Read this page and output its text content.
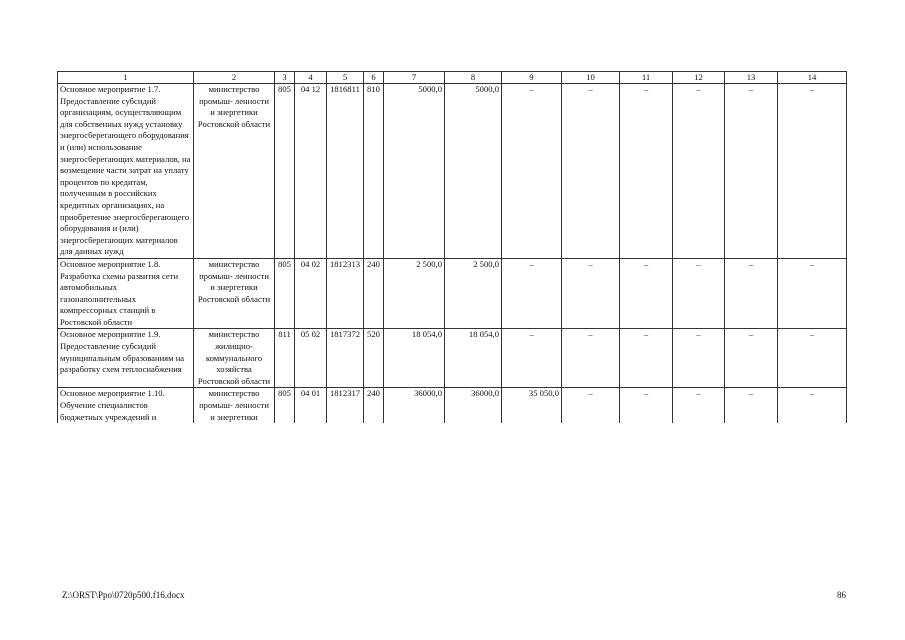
1	2	3	4	5	6	7	8	9	10	11	12	13	14
Основное мероприятие 1.7. Предоставление субсидий организациям, осуществляющим для собственных нужд установку энергосберегающего оборудования и (или) использование энергосберегающих материалов, на возмещение части затрат на уплату процентов по кредитам, полученным в российских кредитных организациях, на приобретение энергосберегающего оборудования и (или) энергосберегающих материалов для данных нужд	министерство промыш- ленности и энергетики Ростовской области	805	04 12	1816811	810	5000,0	5000,0	–	–	–	–	–	–
Основное мероприятие 1.8. Разработка схемы развития сети автомобильных газонаполнительных компрессорных станций в Ростовской области	министерство промыш- ленности и энергетики Ростовской области	805	04 02	1812313	240	2 500,0	2 500,0	–	–	–	–	–	–
Основное мероприятие 1.9. Предоставление субсидий муниципальным образованиям на разработку схем теплоснабжения	министерство жилищно- коммунального хозяйства Ростовской области	811	05 02	1817372	520	18 054,0	18 054,0	–	–	–	–	–	–
Основное мероприятие 1.10. Обучение специалистов бюджетных учреждений и	министерство промыш- ленности и энергетики	805	04 01	1812317	240	36000,0	36000,0	35 050,0	–	–	–	–	–
Z:\ORST\Ppo\0720p500.f16.docx	86
